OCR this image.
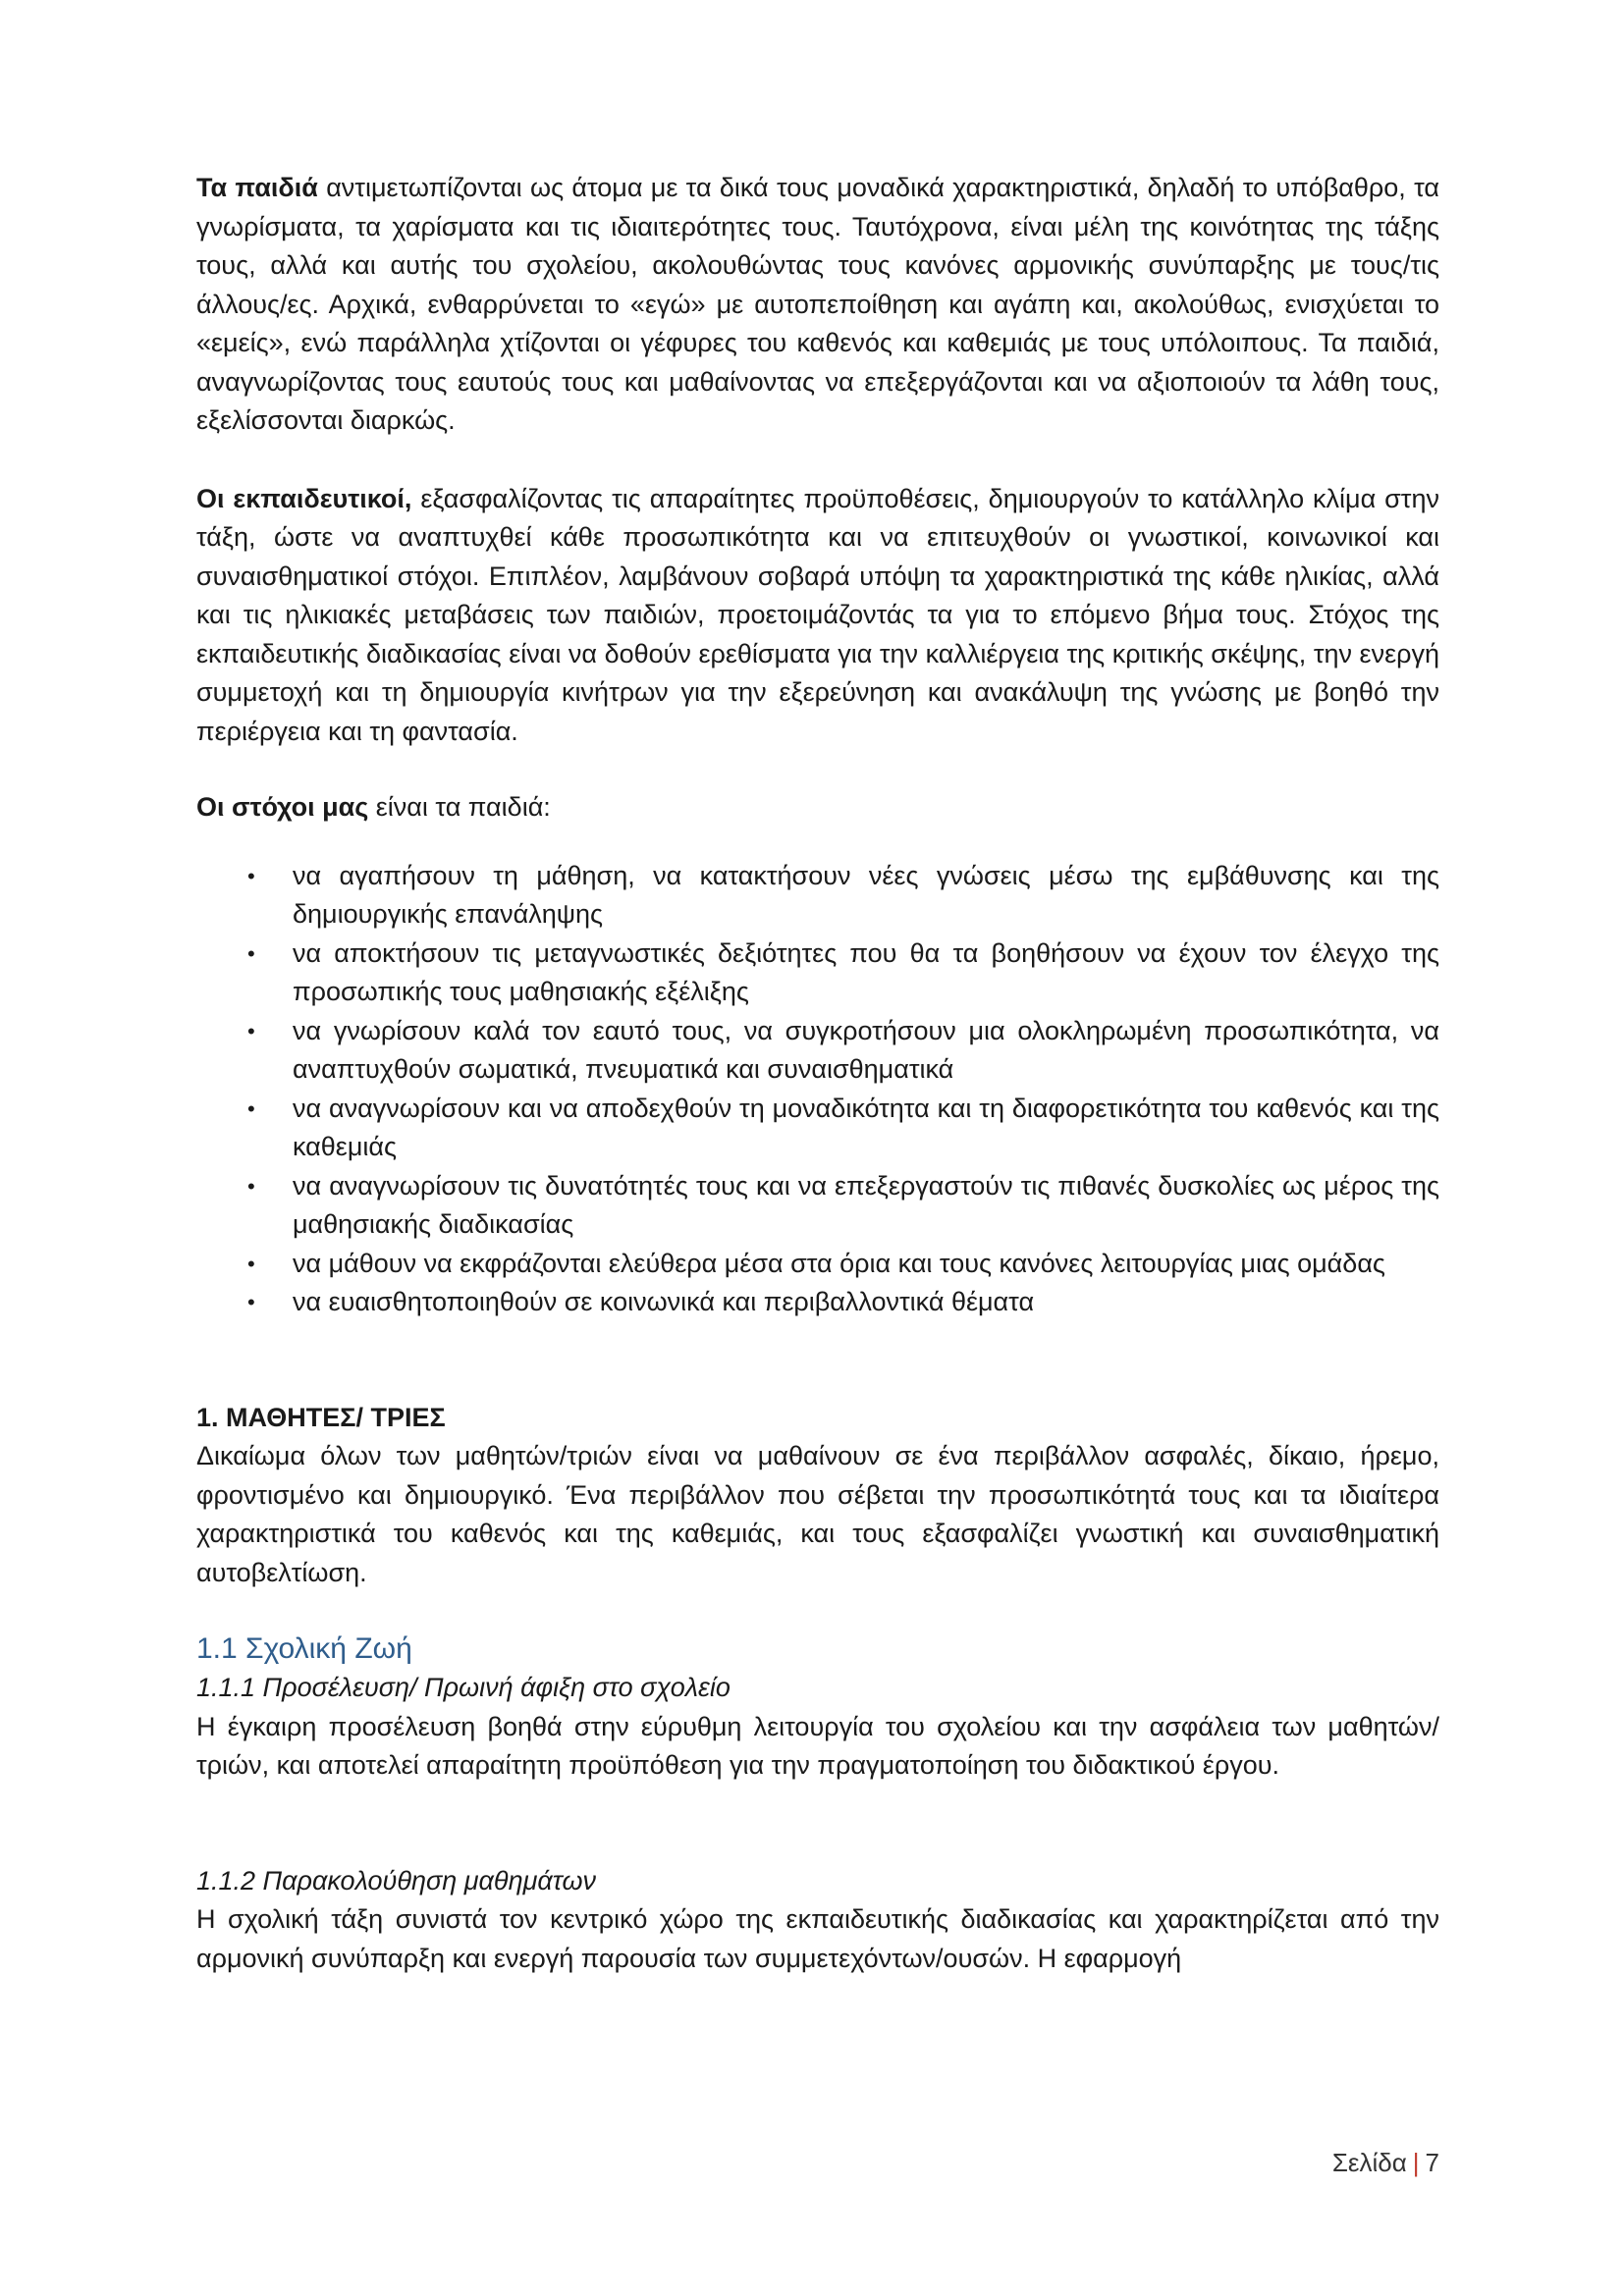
Τα παιδιά αντιμετωπίζονται ως άτομα με τα δικά τους μοναδικά χαρακτηριστικά, δηλαδή το υπόβαθρο, τα γνωρίσματα, τα χαρίσματα και τις ιδιαιτερότητες τους. Ταυτόχρονα, είναι μέλη της κοινότητας της τάξης τους, αλλά και αυτής του σχολείου, ακολουθώντας τους κανόνες αρμονικής συνύπαρξης με τους/τις άλλους/ες. Αρχικά, ενθαρρύνεται το «εγώ» με αυτοπεποίθηση και αγάπη και, ακολούθως, ενισχύεται το «εμείς», ενώ παράλληλα χτίζονται οι γέφυρες του καθενός και καθεμιάς με τους υπόλοιπους. Τα παιδιά, αναγνωρίζοντας τους εαυτούς τους και μαθαίνοντας να επεξεργάζονται και να αξιοποιούν τα λάθη τους, εξελίσσονται διαρκώς.

Οι εκπαιδευτικοί, εξασφαλίζοντας τις απαραίτητες προϋποθέσεις, δημιουργούν το κατάλληλο κλίμα στην τάξη, ώστε να αναπτυχθεί κάθε προσωπικότητα και να επιτευχθούν οι γνωστικοί, κοινωνικοί και συναισθηματικοί στόχοι. Επιπλέον, λαμβάνουν σοβαρά υπόψη τα χαρακτηριστικά της κάθε ηλικίας, αλλά και τις ηλικιακές μεταβάσεις των παιδιών, προετοιμάζοντάς τα για το επόμενο βήμα τους. Στόχος της εκπαιδευτικής διαδικασίας είναι να δοθούν ερεθίσματα για την καλλιέργεια της κριτικής σκέψης, την ενεργή συμμετοχή και τη δημιουργία κινήτρων για την εξερεύνηση και ανακάλυψη της γνώσης με βοηθό την περιέργεια και τη φαντασία.

Οι στόχοι μας είναι τα παιδιά:

• να αγαπήσουν τη μάθηση, να κατακτήσουν νέες γνώσεις μέσω της εμβάθυνσης και της δημιουργικής επανάληψης
• να αποκτήσουν τις μεταγνωστικές δεξιότητες που θα τα βοηθήσουν να έχουν τον έλεγχο της προσωπικής τους μαθησιακής εξέλιξης
• να γνωρίσουν καλά τον εαυτό τους, να συγκροτήσουν μια ολοκληρωμένη προσωπικότητα, να αναπτυχθούν σωματικά, πνευματικά και συναισθηματικά
• να αναγνωρίσουν και να αποδεχθούν τη μοναδικότητα και τη διαφορετικότητα του καθενός και της καθεμιάς
• να αναγνωρίσουν τις δυνατότητές τους και να επεξεργαστούν τις πιθανές δυσκολίες ως μέρος της μαθησιακής διαδικασίας
• να μάθουν να εκφράζονται ελεύθερα μέσα στα όρια και τους κανόνες λειτουργίας μιας ομάδας
• να ευαισθητοποιηθούν σε κοινωνικά και περιβαλλοντικά θέματα

1. ΜΑΘΗΤΕΣ/ ΤΡΙΕΣ

Δικαίωμα όλων των μαθητών/τριών είναι να μαθαίνουν σε ένα περιβάλλον ασφαλές, δίκαιο, ήρεμο, φροντισμένο και δημιουργικό. Ένα περιβάλλον που σέβεται την προσωπικότητά τους και τα ιδιαίτερα χαρακτηριστικά του καθενός και της καθεμιάς, και τους εξασφαλίζει γνωστική και συναισθηματική αυτοβελτίωση.

1.1 Σχολική Ζωή

1.1.1 Προσέλευση/ Πρωινή άφιξη στο σχολείο

Η έγκαιρη προσέλευση βοηθά στην εύρυθμη λειτουργία του σχολείου και την ασφάλεια των μαθητών/τριών, και αποτελεί απαραίτητη προϋπόθεση για την πραγματοποίηση του διδακτικού έργου.

1.1.2 Παρακολούθηση μαθημάτων

Η σχολική τάξη συνιστά τον κεντρικό χώρο της εκπαιδευτικής διαδικασίας και χαρακτηρίζεται από την αρμονική συνύπαρξη και ενεργή παρουσία των συμμετεχόντων/ουσών. Η εφαρμογή

Σελίδα | 7
